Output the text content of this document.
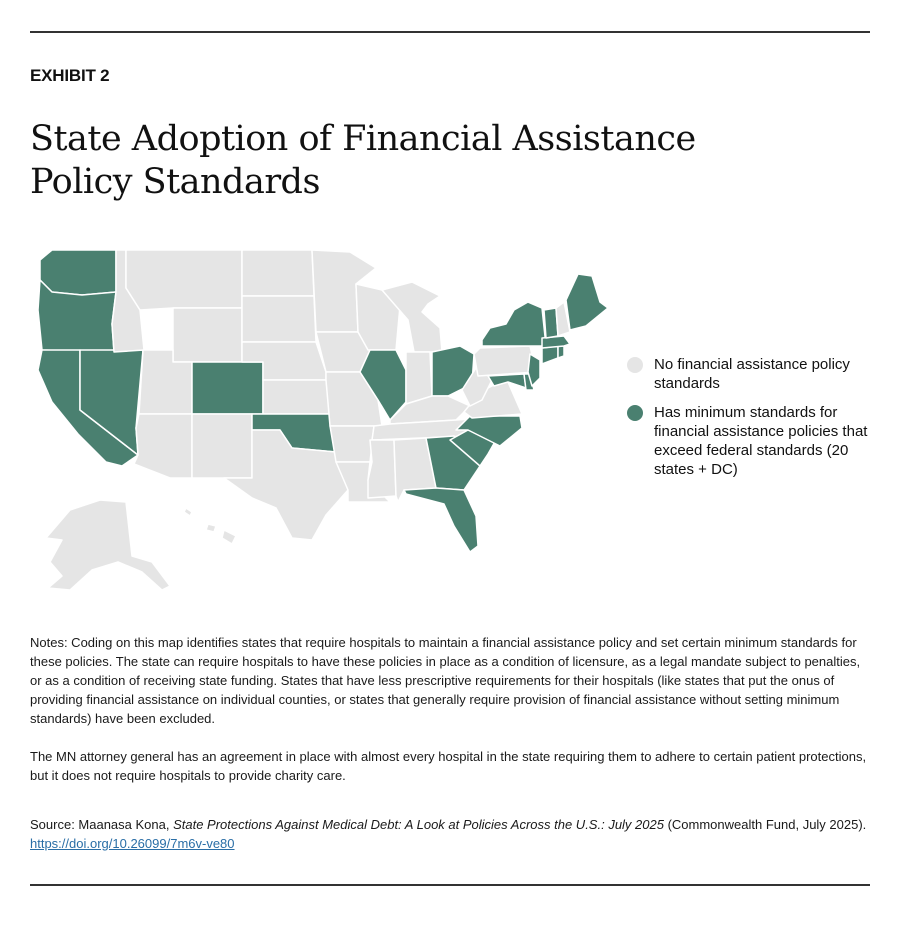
EXHIBIT 2
State Adoption of Financial Assistance Policy Standards
No financial assistance policy standards
Has minimum standards for financial assistance policies that exceed federal standards (20 states + DC)

Notes: Coding on this map identifies states that require hospitals to maintain a financial assistance policy and set certain minimum standards for these policies. The state can require hospitals to have these policies in place as a condition of licensure, as a legal mandate subject to penalties, or as a condition of receiving state funding. States that have less prescriptive requirements for their hospitals (like states that put the onus of providing financial assistance on individual counties, or states that generally require provision of financial assistance without setting minimum standards) have been excluded.

The MN attorney general has an agreement in place with almost every hospital in the state requiring them to adhere to certain patient protections, but it does not require hospitals to provide charity care.

Source: Maanasa Kona, State Protections Against Medical Debt: A Look at Policies Across the U.S.: July 2025 (Commonwealth Fund, July 2025). https://doi.org/10.26099/7m6v-ve80
